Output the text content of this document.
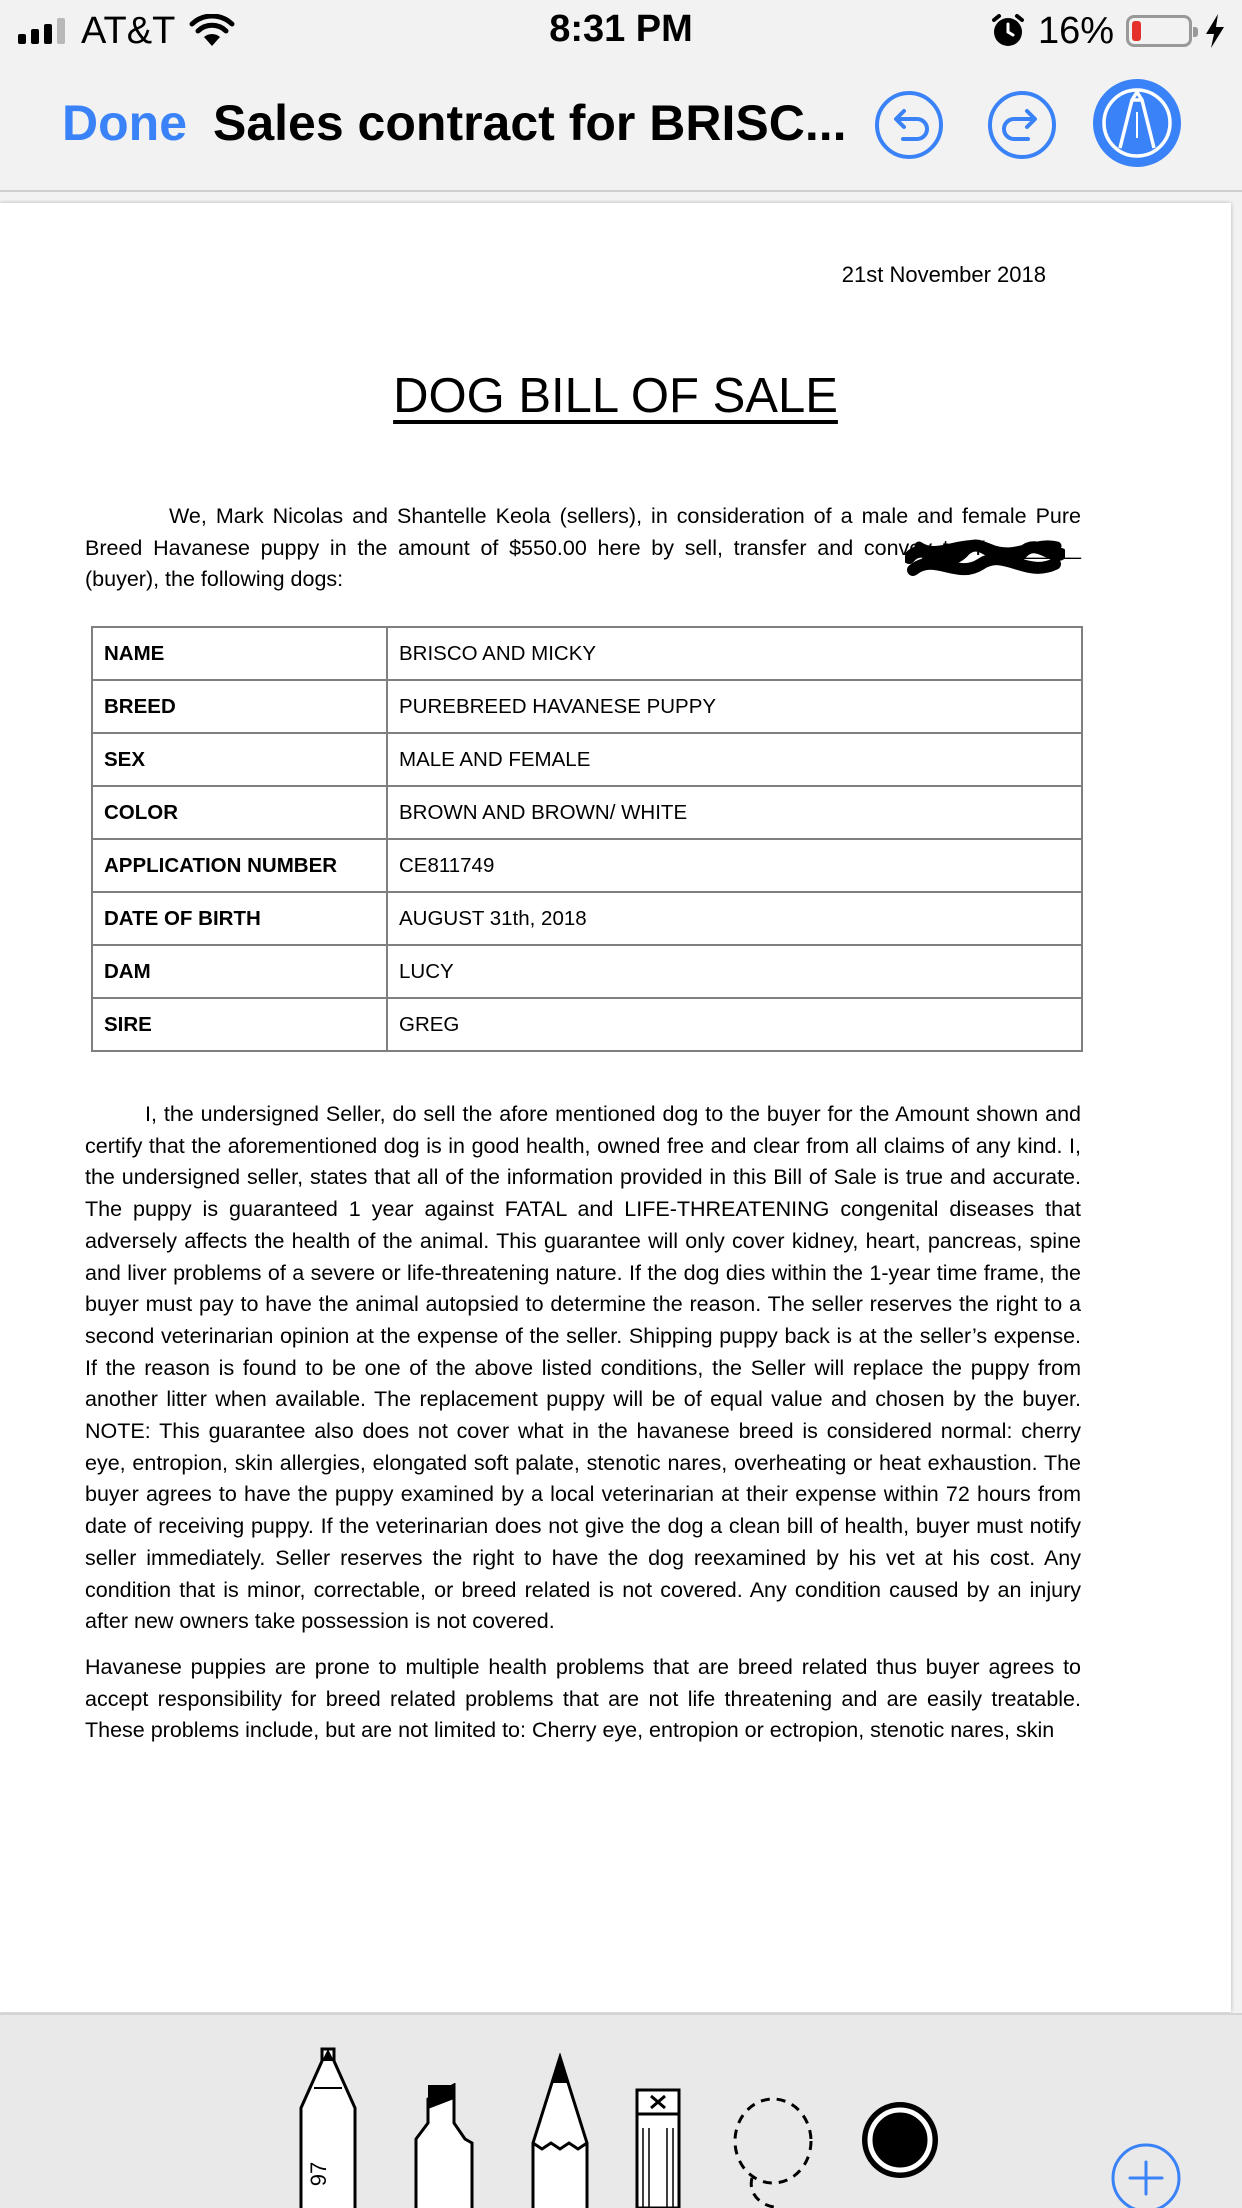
AT&T	8:31 PM	16%
Done Sales contract for BRISC...
21st November 2018
DOG BILL OF SALE

We, Mark Nicolas and Shantelle Keola (sellers), in consideration of a male and female Pure Breed Havanese puppy in the amount of $550.00 here by sell, transfer and convey to Y________ (buyer), the following dogs:

NAME	BRISCO AND MICKY
BREED	PUREBREED HAVANESE PUPPY
SEX	MALE AND FEMALE
COLOR	BROWN AND BROWN/ WHITE
APPLICATION NUMBER	CE811749
DATE OF BIRTH	AUGUST 31th, 2018
DAM	LUCY
SIRE	GREG

I, the undersigned Seller, do sell the afore mentioned dog to the buyer for the Amount shown and certify that the aforementioned dog is in good health, owned free and clear from all claims of any kind. I, the undersigned seller, states that all of the information provided in this Bill of Sale is true and accurate. The puppy is guaranteed 1 year against FATAL and LIFE-THREATENING congenital diseases that adversely affects the health of the animal. This guarantee will only cover kidney, heart, pancreas, spine and liver problems of a severe or life-threatening nature. If the dog dies within the 1-year time frame, the buyer must pay to have the animal autopsied to determine the reason. The seller reserves the right to a second veterinarian opinion at the expense of the seller. Shipping puppy back is at the seller’s expense. If the reason is found to be one of the above listed conditions, the Seller will replace the puppy from another litter when available. The replacement puppy will be of equal value and chosen by the buyer. NOTE: This guarantee also does not cover what in the havanese breed is considered normal: cherry eye, entropion, skin allergies, elongated soft palate, stenotic nares, overheating or heat exhaustion. The buyer agrees to have the puppy examined by a local veterinarian at their expense within 72 hours from date of receiving puppy. If the veterinarian does not give the dog a clean bill of health, buyer must notify seller immediately. Seller reserves the right to have the dog reexamined by his vet at his cost. Any condition that is minor, correctable, or breed related is not covered. Any condition caused by an injury after new owners take possession is not covered.

Havanese puppies are prone to multiple health problems that are breed related thus buyer agrees to accept responsibility for breed related problems that are not life threatening and are easily treatable. These problems include, but are not limited to: Cherry eye, entropion or ectropion, stenotic nares, skin

97
